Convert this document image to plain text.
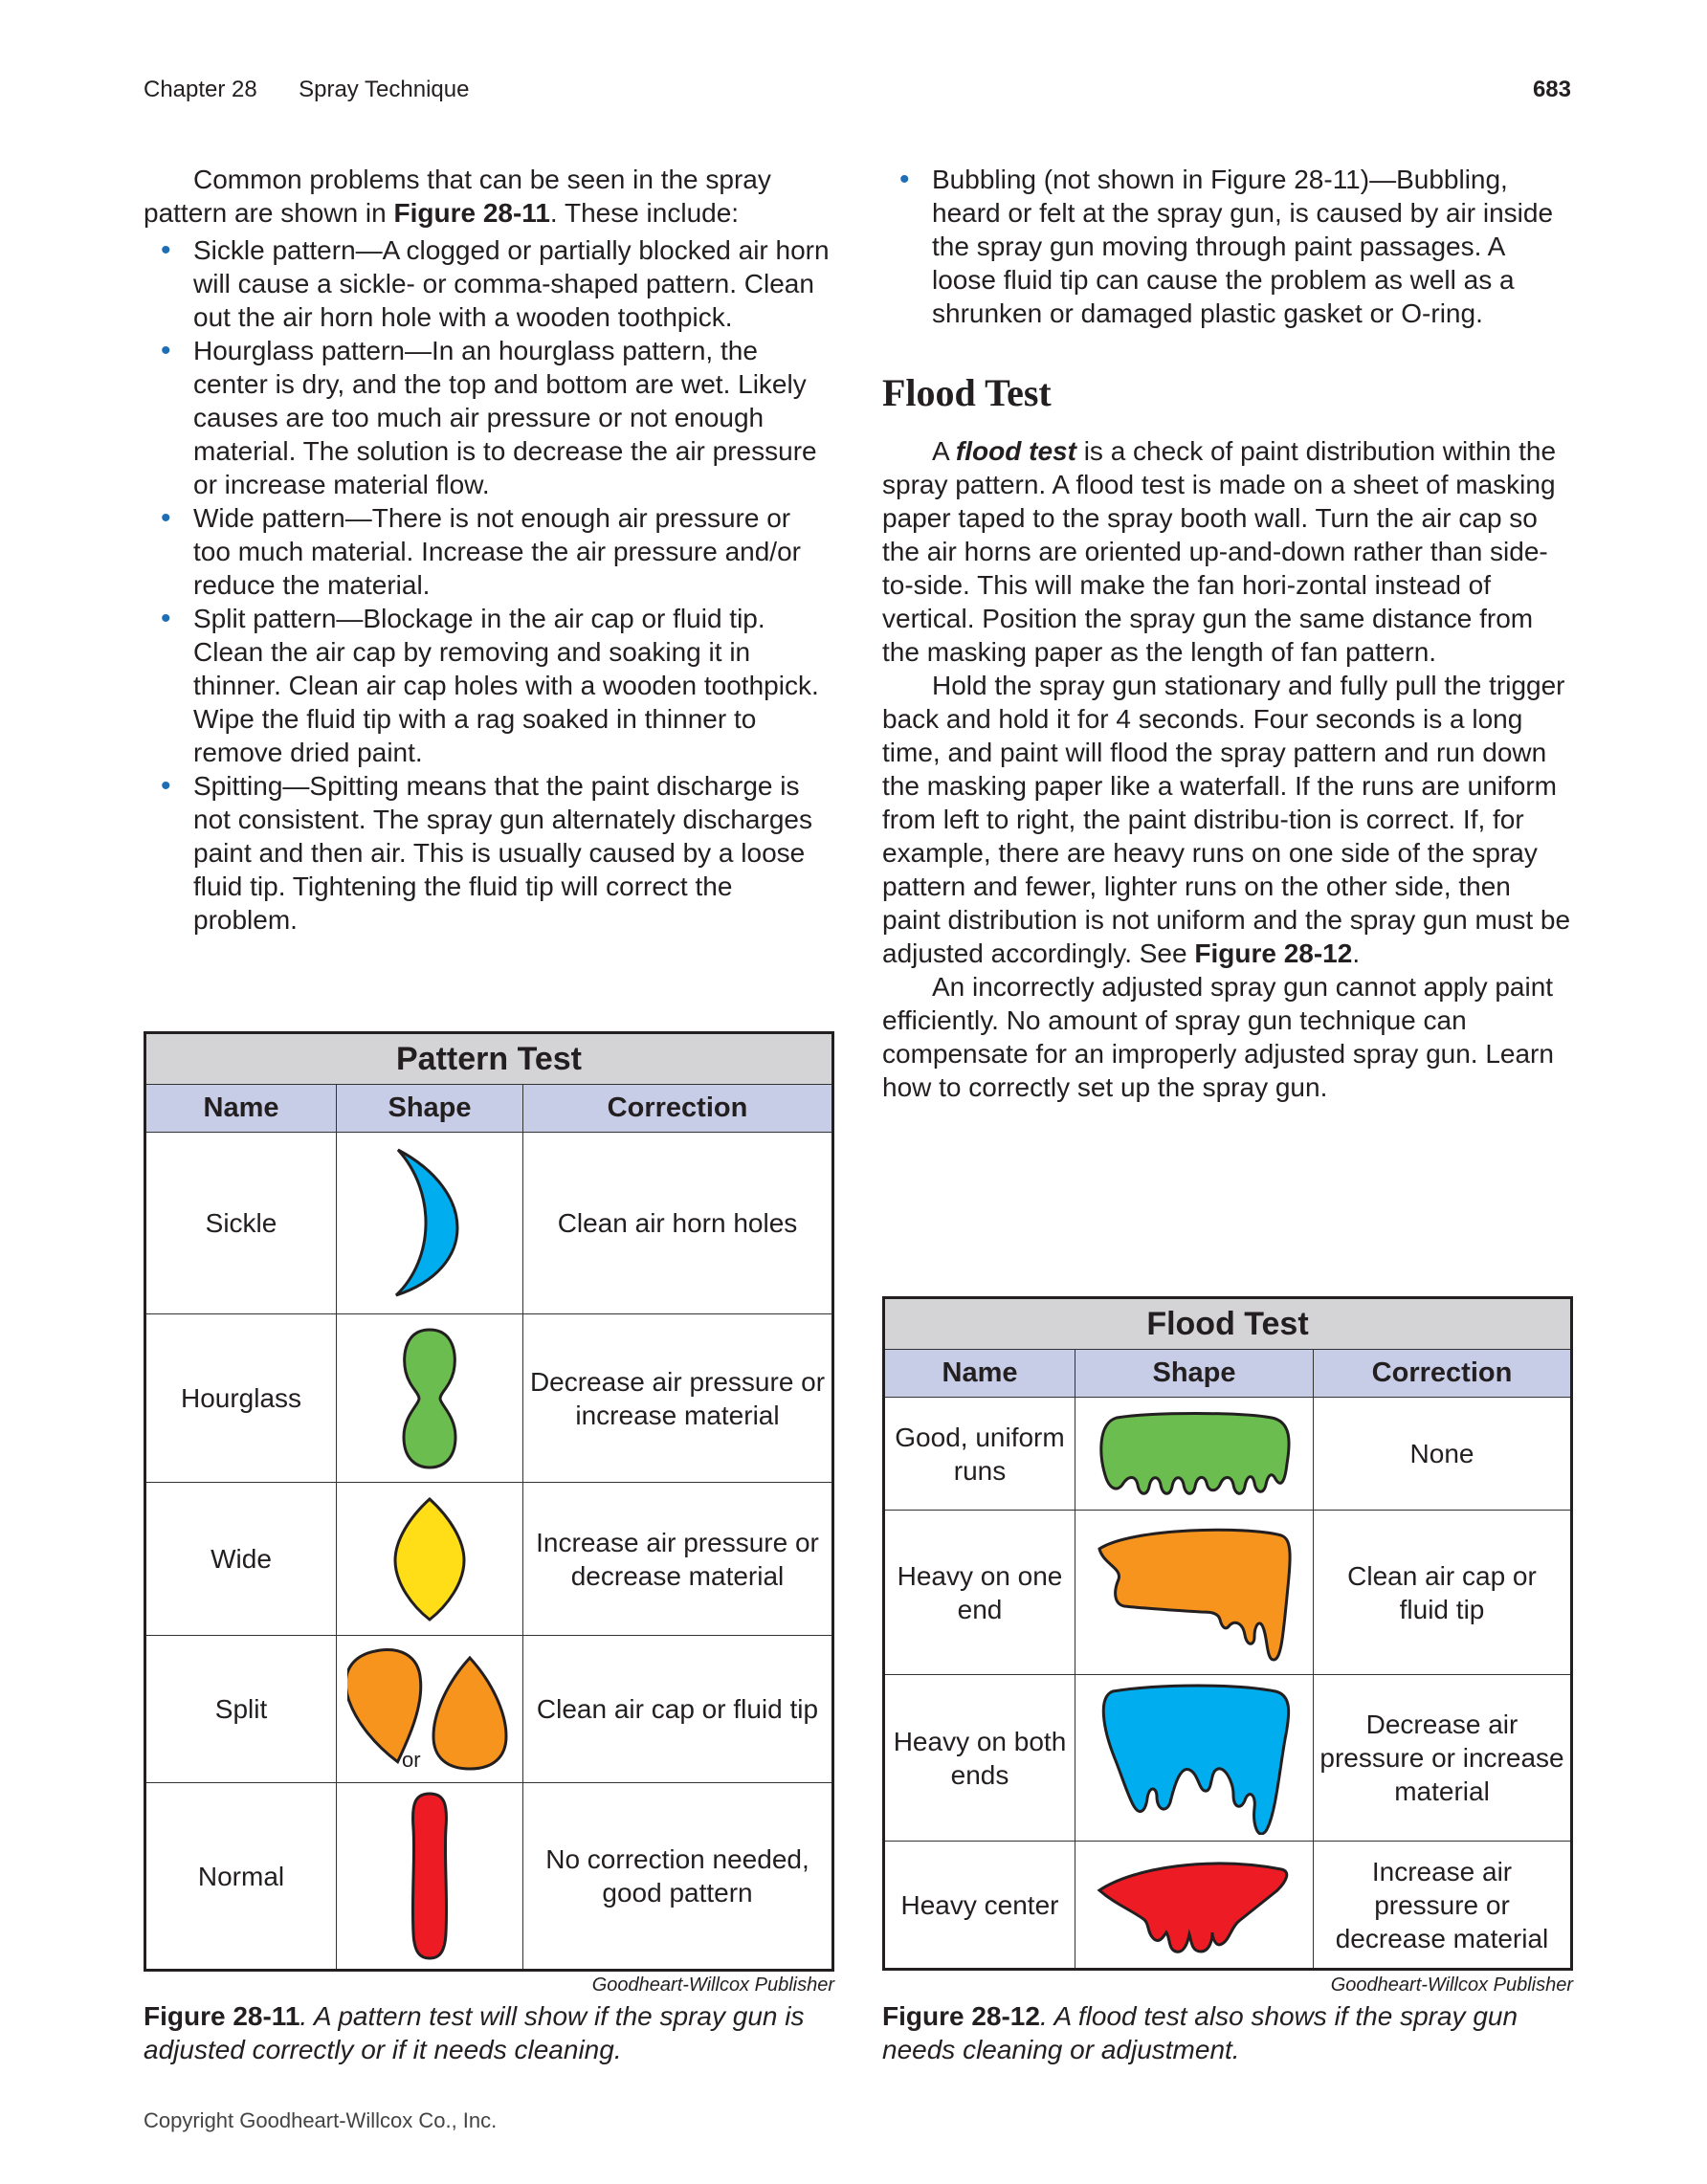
Chapter 28 Spray Technique	683

Common problems that can be seen in the spray pattern are shown in Figure 28-11. These include:

• Sickle pattern—A clogged or partially blocked air horn will cause a sickle- or comma-shaped pattern. Clean out the air horn hole with a wooden toothpick.
• Hourglass pattern—In an hourglass pattern, the center is dry, and the top and bottom are wet. Likely causes are too much air pressure or not enough material. The solution is to decrease the air pressure or increase material flow.
• Wide pattern—There is not enough air pressure or too much material. Increase the air pressure and/or reduce the material.
• Split pattern—Blockage in the air cap or fluid tip. Clean the air cap by removing and soaking it in thinner. Clean air cap holes with a wooden toothpick. Wipe the fluid tip with a rag soaked in thinner to remove dried paint.
• Spitting—Spitting means that the paint discharge is not consistent. The spray gun alternately discharges paint and then air. This is usually caused by a loose fluid tip. Tightening the fluid tip will correct the problem.
• Bubbling (not shown in Figure 28-11)—Bubbling, heard or felt at the spray gun, is caused by air inside the spray gun moving through paint passages. A loose fluid tip can cause the problem as well as a shrunken or damaged plastic gasket or O-ring.
Flood Test

A flood test is a check of paint distribution within the spray pattern. A flood test is made on a sheet of masking paper taped to the spray booth wall. Turn the air cap so the air horns are oriented up-and-down rather than side-to-side. This will make the fan hori-zontal instead of vertical. Position the spray gun the same distance from the masking paper as the length of fan pattern.

Hold the spray gun stationary and fully pull the trigger back and hold it for 4 seconds. Four seconds is a long time, and paint will flood the spray pattern and run down the masking paper like a waterfall. If the runs are uniform from left to right, the paint distribu-tion is correct. If, for example, there are heavy runs on one side of the spray pattern and fewer, lighter runs on the other side, then paint distribution is not uniform and the spray gun must be adjusted accordingly. See Figure 28-12.

An incorrectly adjusted spray gun cannot apply paint efficiently. No amount of spray gun technique can compensate for an improperly adjusted spray gun. Learn how to correctly set up the spray gun.

Pattern Test		
Name	Shape	Correction
Sickle		Clean air horn holes
Hourglass		Decrease air pressure or increase material
Wide		Increase air pressure or decrease material
Split	or	Clean air cap or fluid tip
Normal		No correction needed, good pattern
Goodheart-Willcox Publisher
Figure 28-11. A pattern test will show if the spray gun is adjusted correctly or if it needs cleaning.
Flood Test		
Name	Shape	Correction
Good, uniform runs		None
Heavy on one end		Clean air cap or fluid tip
Heavy on both ends		Decrease air pressure or increase material
Heavy center		Increase air pressure or decrease material
Goodheart-Willcox Publisher
Figure 28-12. A flood test also shows if the spray gun needs cleaning or adjustment.
Copyright Goodheart-Willcox Co., Inc.
